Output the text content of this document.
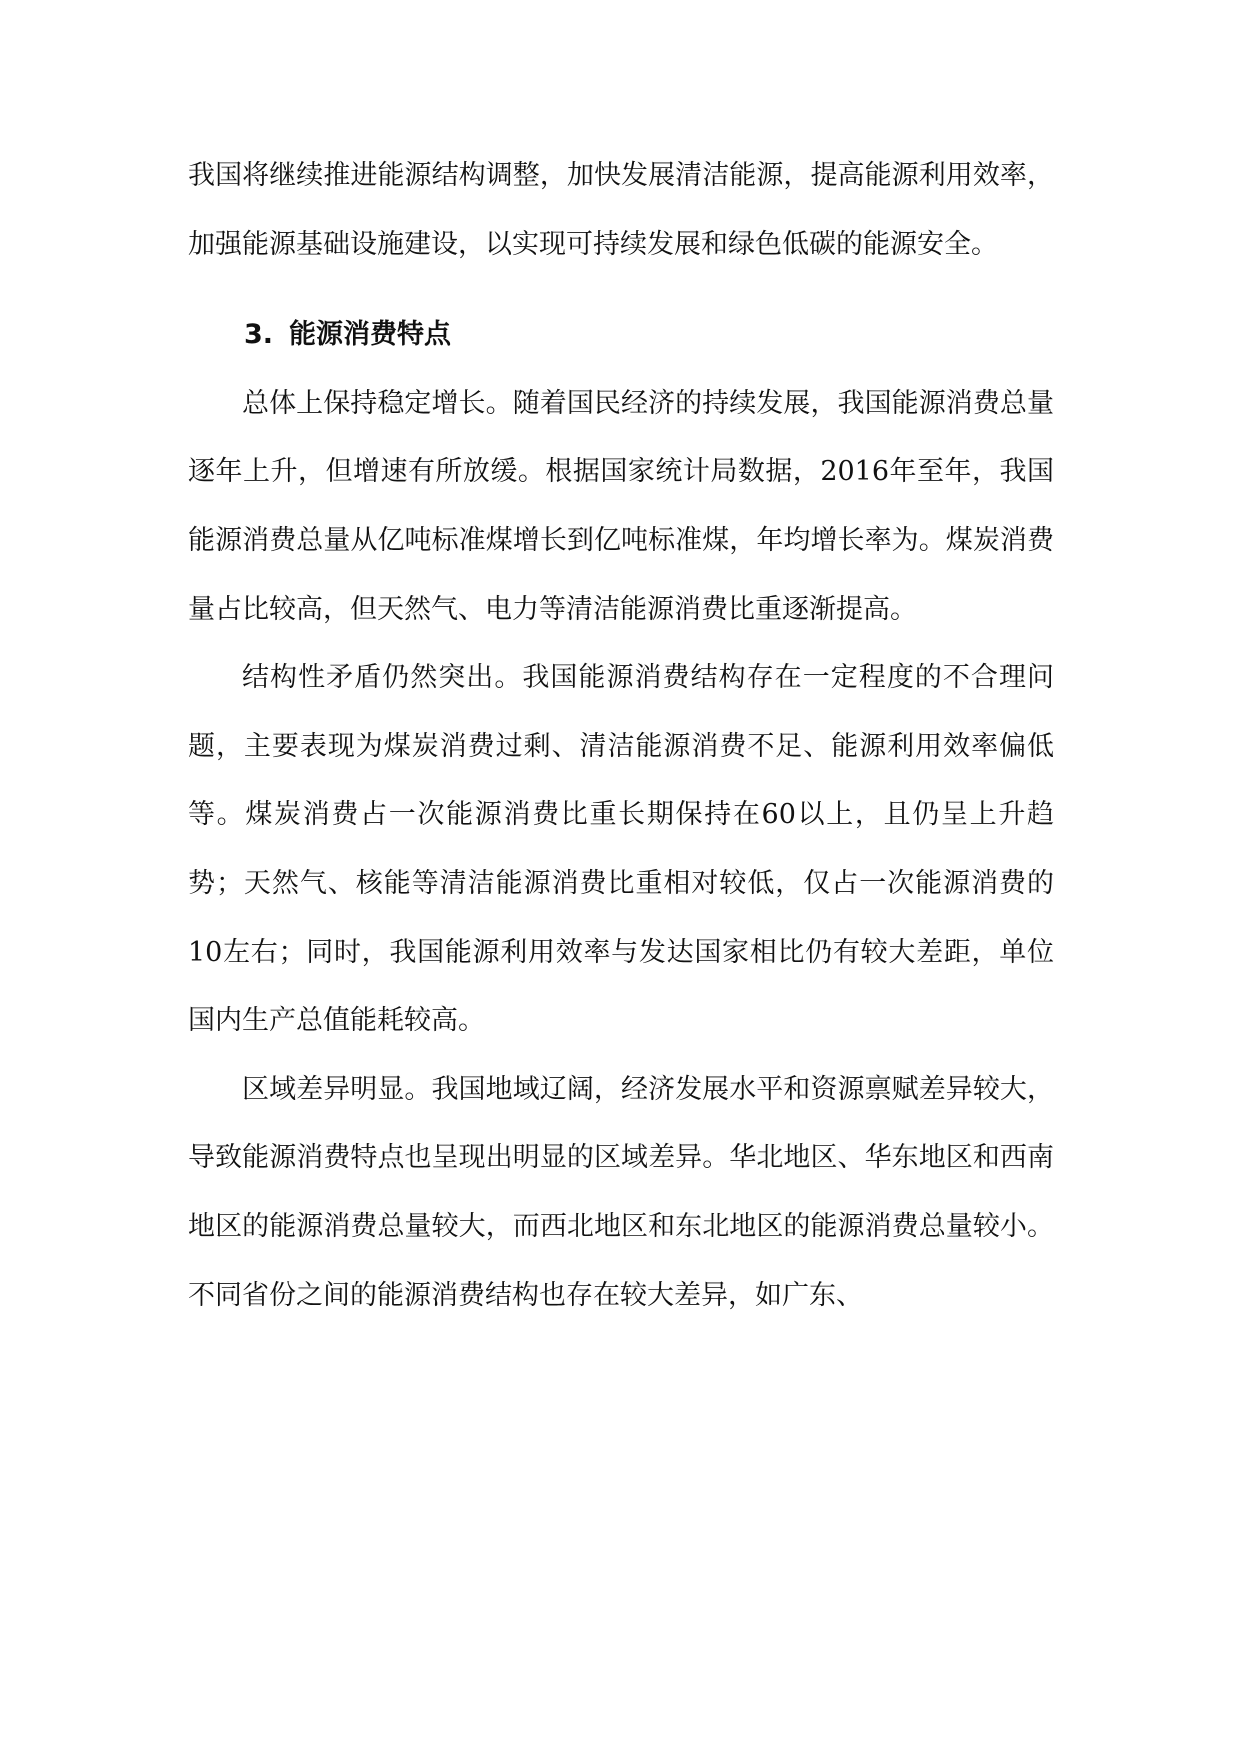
我国将继续推进能源结构调整，加快发展清洁能源，提高能源利用效率，加强能源基础设施建设，以实现可持续发展和绿色低碳的能源安全。

3. 能源消费特点

总体上保持稳定增长。随着国民经济的持续发展，我国能源消费总量逐年上升，但增速有所放缓。根据国家统计局数据，2016年至年，我国能源消费总量从亿吨标准煤增长到亿吨标准煤，年均增长率为。煤炭消费量占比较高，但天然气、电力等清洁能源消费比重逐渐提高。

结构性矛盾仍然突出。我国能源消费结构存在一定程度的不合理问题，主要表现为煤炭消费过剩、清洁能源消费不足、能源利用效率偏低等。煤炭消费占一次能源消费比重长期保持在60以上，且仍呈上升趋势；天然气、核能等清洁能源消费比重相对较低，仅占一次能源消费的10左右；同时，我国能源利用效率与发达国家相比仍有较大差距，单位国内生产总值能耗较高。

区域差异明显。我国地域辽阔，经济发展水平和资源禀赋差异较大，导致能源消费特点也呈现出明显的区域差异。华北地区、华东地区和西南地区的能源消费总量较大，而西北地区和东北地区的能源消费总量较小。不同省份之间的能源消费结构也存在较大差异，如广东、
